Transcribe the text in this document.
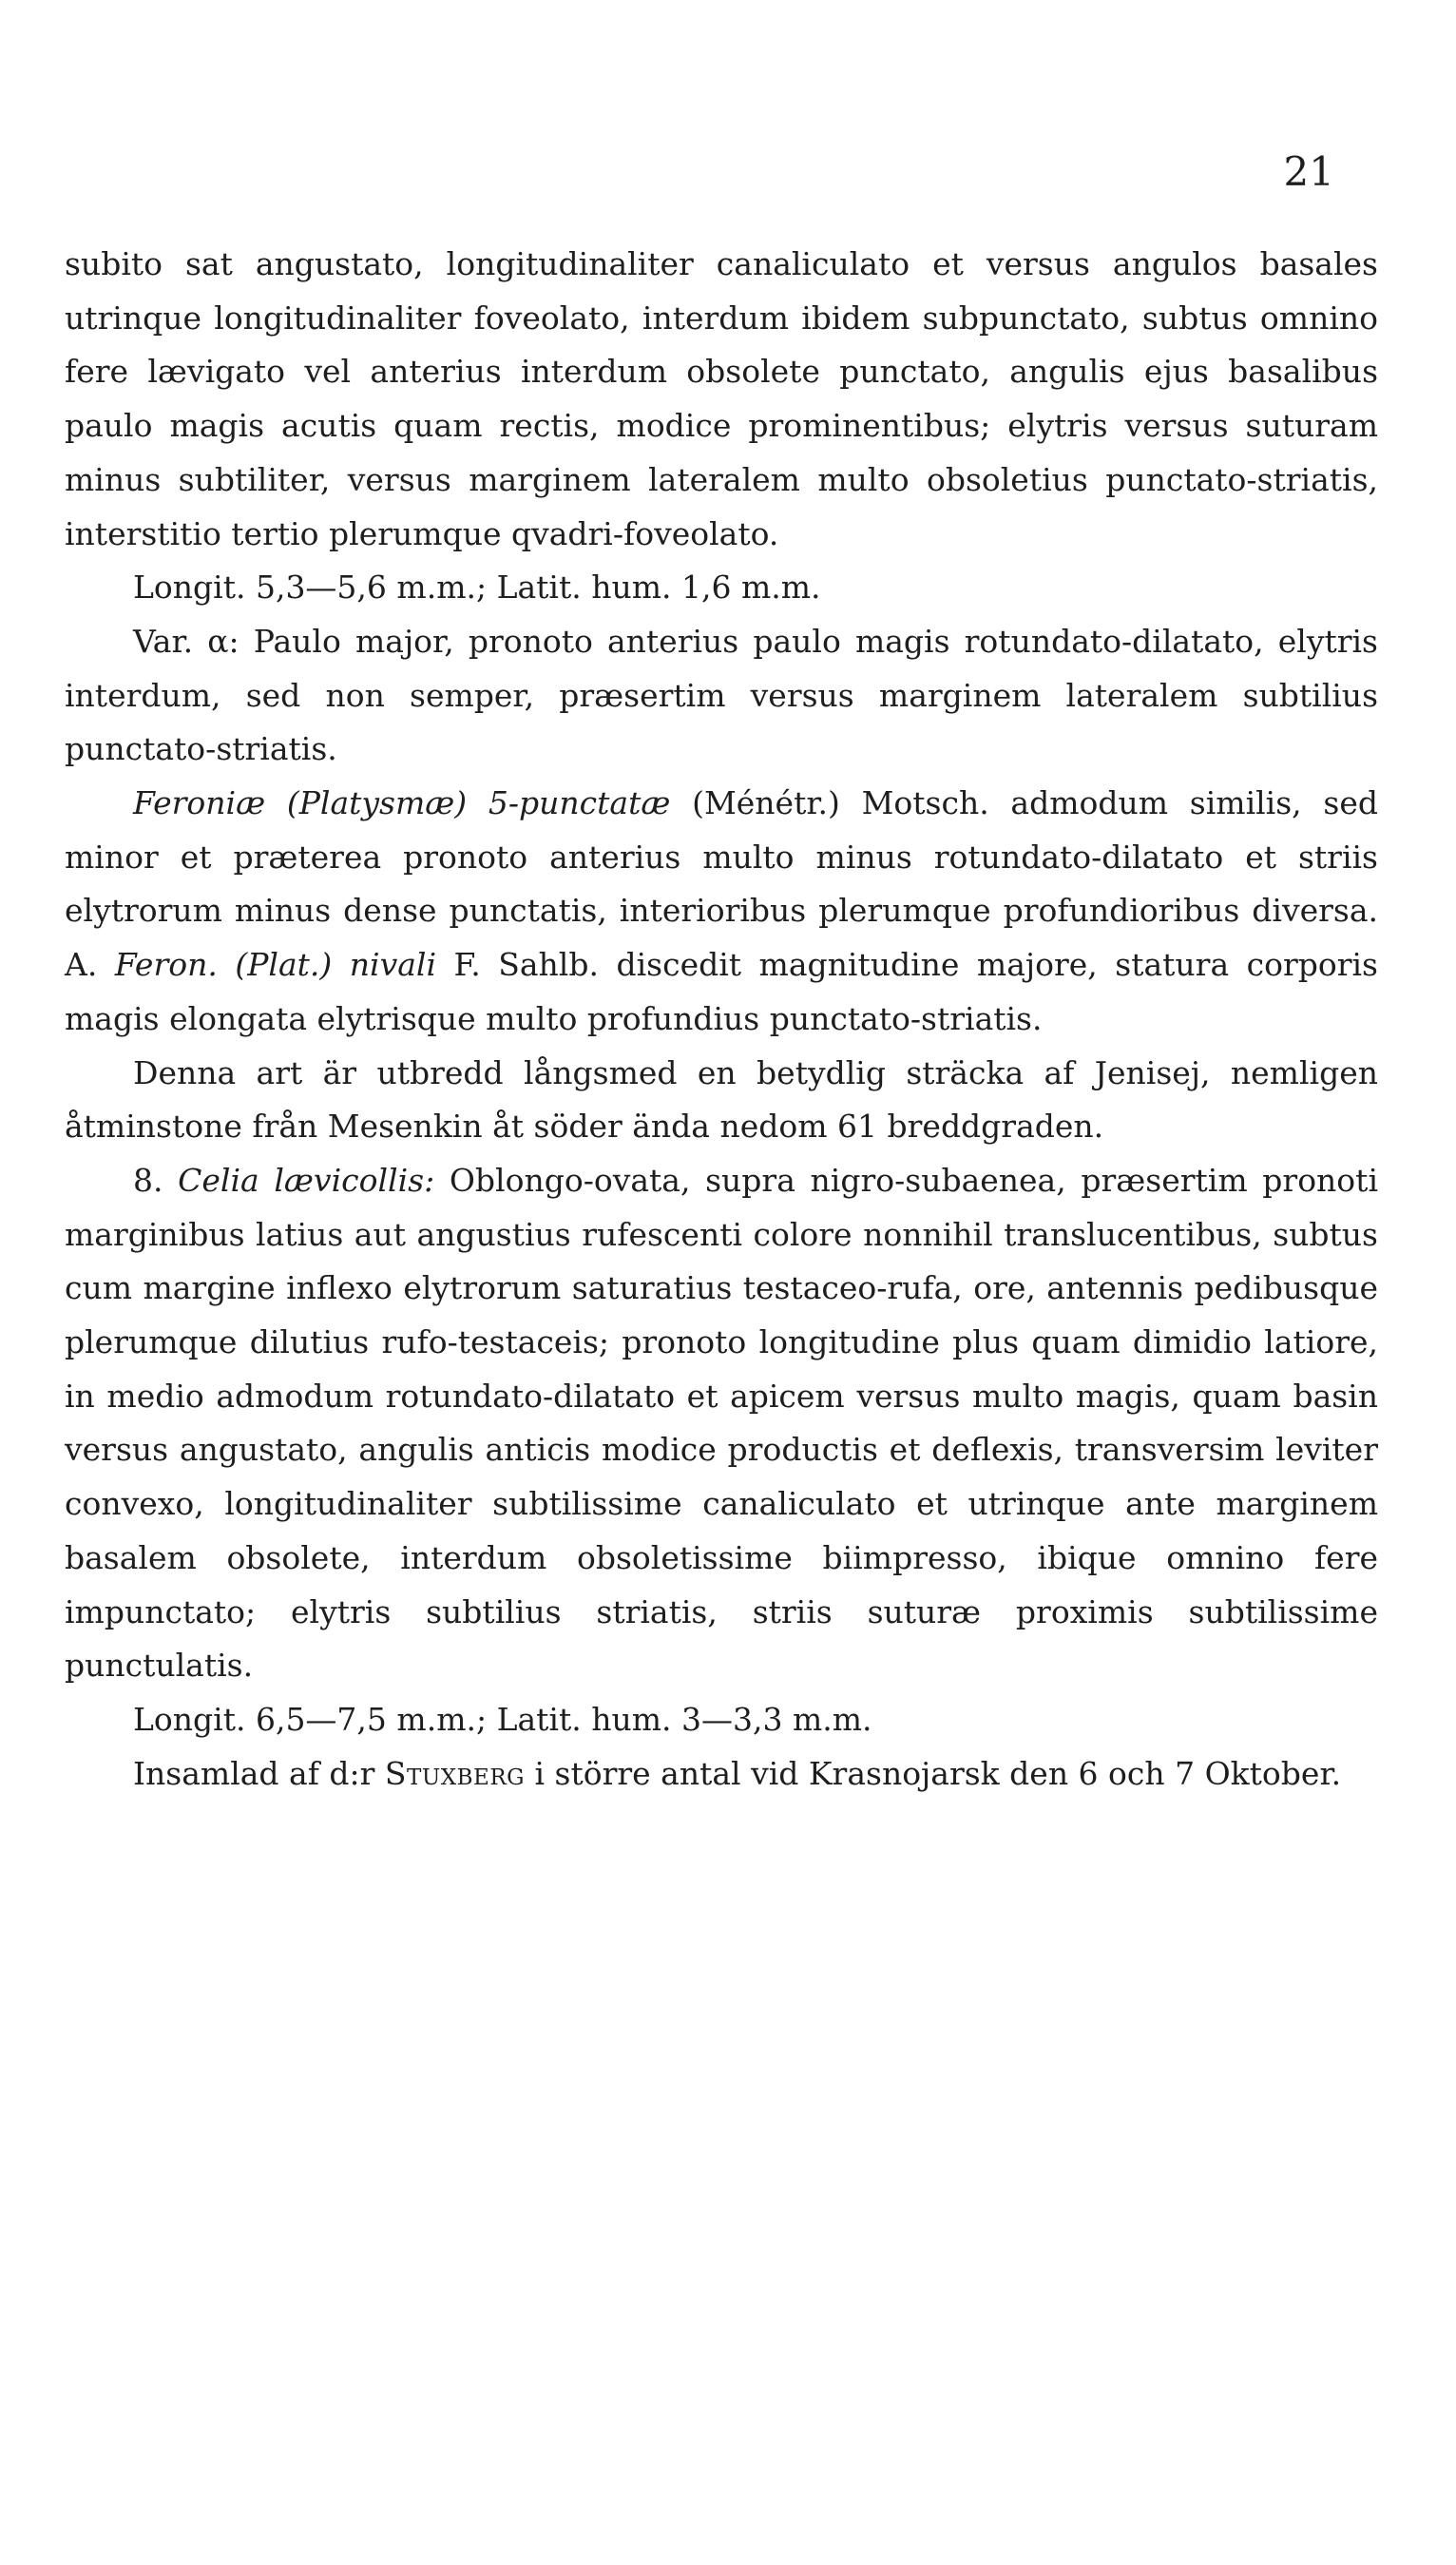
21

subito sat angustato, longitudinaliter canaliculato et versus angulos basales utrinque longitudinaliter foveolato, interdum ibidem subpunctato, subtus omnino fere lævigato vel anterius interdum obsolete punctato, angulis ejus basalibus paulo magis acutis quam rectis, modice prominentibus; elytris versus suturam minus subtiliter, versus marginem lateralem multo obsoletius punctato-striatis, interstitio tertio plerumque qvadri-foveolato.

Longit. 5,3—5,6 m.m.; Latit. hum. 1,6 m.m.

Var. α: Paulo major, pronoto anterius paulo magis rotundato-dilatato, elytris interdum, sed non semper, præsertim versus marginem lateralem subtilius punctato-striatis.

Feroniæ (Platysmæ) 5-punctatæ (Ménétr.) Motsch. admodum similis, sed minor et præterea pronoto anterius multo minus rotundato-dilatato et striis elytrorum minus dense punctatis, interioribus plerumque profundioribus diversa. A. Feron. (Plat.) nivali F. Sahlb. discedit magnitudine majore, statura corporis magis elongata elytrisque multo profundius punctato-striatis.

Denna art är utbredd långsmed en betydlig sträcka af Jenisej, nemligen åtminstone från Mesenkin åt söder ända nedom 61 breddgraden.

8. Celia lævicollis: Oblongo-ovata, supra nigro-subaenea, præsertim pronoti marginibus latius aut angustius rufescenti colore nonnihil translucentibus, subtus cum margine inflexo elytrorum saturatius testaceo-rufa, ore, antennis pedibusque plerumque dilutius rufo-testaceis; pronoto longitudine plus quam dimidio latiore, in medio admodum rotundato-dilatato et apicem versus multo magis, quam basin versus angustato, angulis anticis modice productis et deflexis, transversim leviter convexo, longitudinaliter subtilissime canaliculato et utrinque ante marginem basalem obsolete, interdum obsoletissime biimpresso, ibique omnino fere impunctato; elytris subtilius striatis, striis suturæ proximis subtilissime punctulatis.

Longit. 6,5—7,5 m.m.; Latit. hum. 3—3,3 m.m.

Insamlad af d:r Stuxberg i större antal vid Krasnojarsk den 6 och 7 Oktober.
